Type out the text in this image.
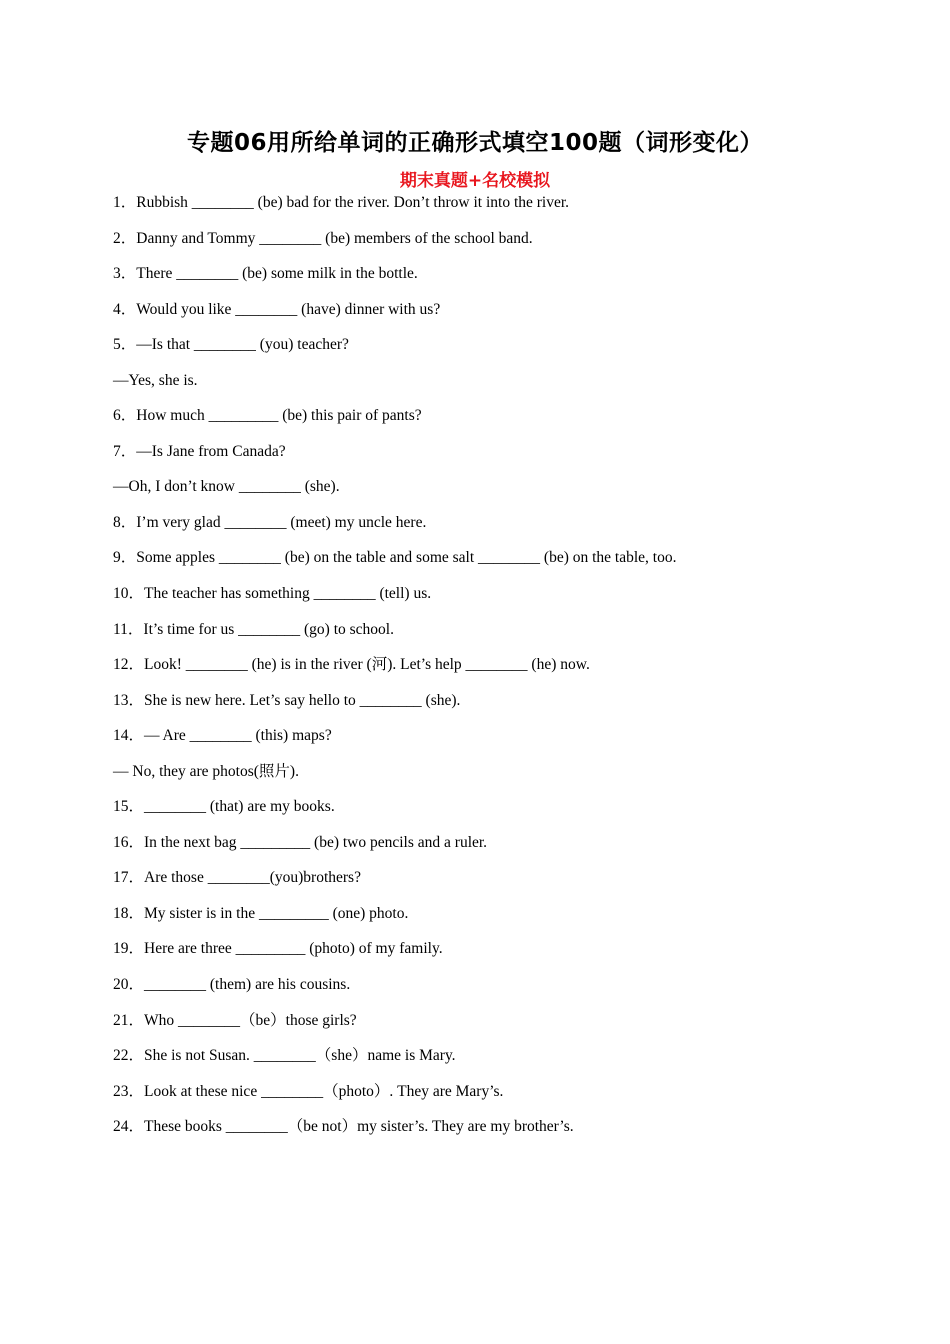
专题06用所给单词的正确形式填空100题（词形变化）
期末真题+名校模拟
1．Rubbish ________ (be) bad for the river. Don’t throw it into the river.
2．Danny and Tommy ________ (be) members of the school band.
3．There ________ (be) some milk in the bottle.
4．Would you like ________ (have) dinner with us?
5．—Is that ________ (you) teacher?
—Yes, she is.
6．How much _________ (be) this pair of pants?
7．—Is Jane from Canada?
—Oh, I don’t know ________ (she).
8．I’m very glad ________ (meet) my uncle here.
9．Some apples ________ (be) on the table and some salt ________ (be) on the table, too.
10．The teacher has something ________ (tell) us.
11．It’s time for us ________ (go) to school.
12．Look! ________ (he) is in the river (河). Let’s help ________ (he) now.
13．She is new here. Let’s say hello to ________ (she).
14．— Are ________ (this) maps?
— No, they are photos(照片).
15．________ (that) are my books.
16．In the next bag _________ (be) two pencils and a ruler.
17．Are those ________(you)brothers?
18．My sister is in the _________ (one) photo.
19．Here are three _________ (photo) of my family.
20．________ (them) are his cousins.
21．Who ________（be）those girls?
22．She is not Susan. ________（she）name is Mary.
23．Look at these nice ________（photo）. They are Mary’s.
24．These books ________（be not）my sister’s. They are my brother’s.
